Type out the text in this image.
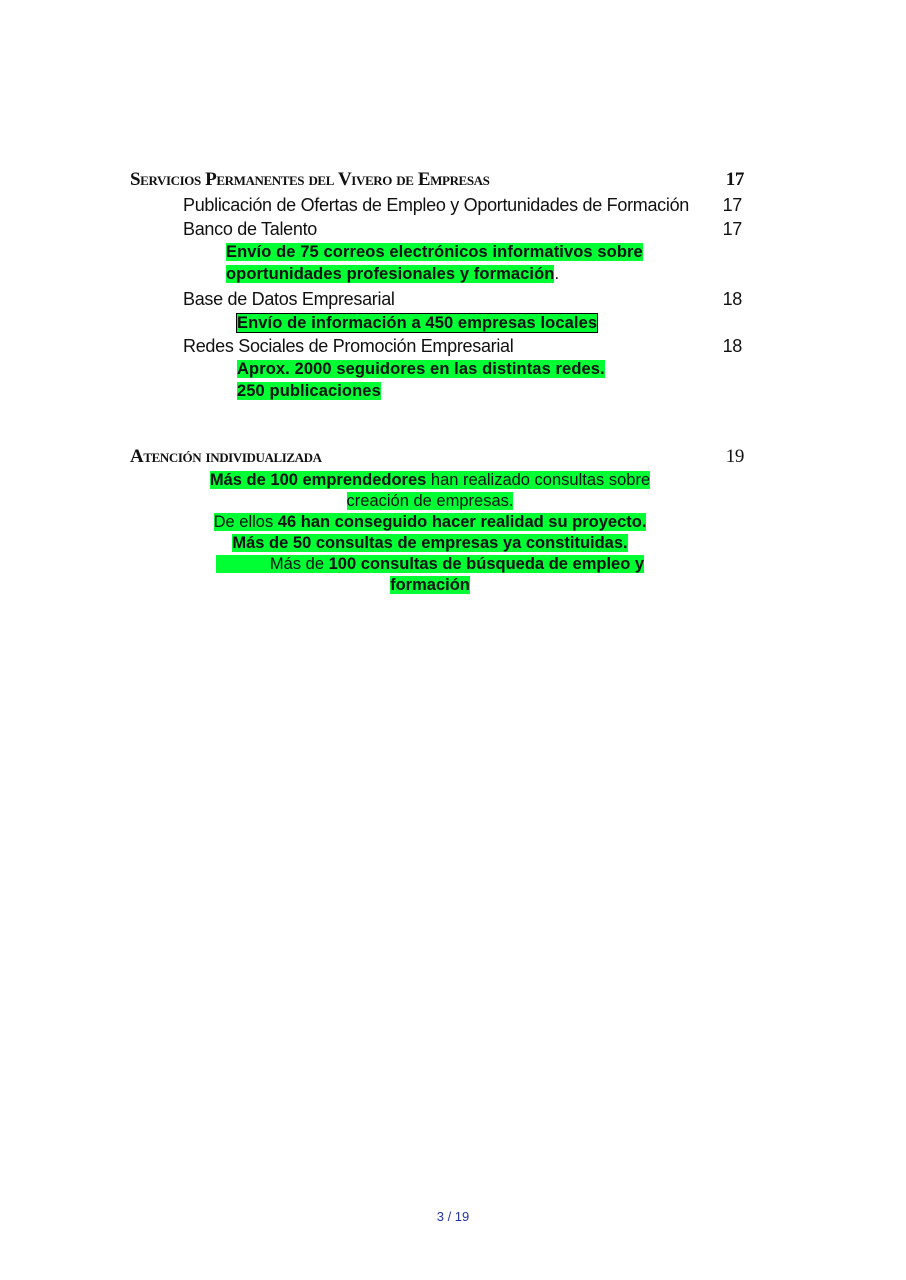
Servicios Permanentes del Vivero de Empresas	17
Publicación de Ofertas de Empleo y Oportunidades de Formación 17
Banco de Talento	17
Envío de 75 correos electrónicos informativos sobre
oportunidades profesionales y formación.
Base de Datos Empresarial	18
Envío de información a 450 empresas locales
Redes Sociales de Promoción Empresarial	18
Aprox. 2000 seguidores en las distintas redes.
250 publicaciones
Atención individualizada	19
Más de 100 emprendedores han realizado consultas sobre
creación de empresas.
De ellos 46 han conseguido hacer realidad su proyecto.
Más de 50 consultas de empresas ya constituidas.
Más de 100 consultas de búsqueda de empleo y
formación
3 / 19
